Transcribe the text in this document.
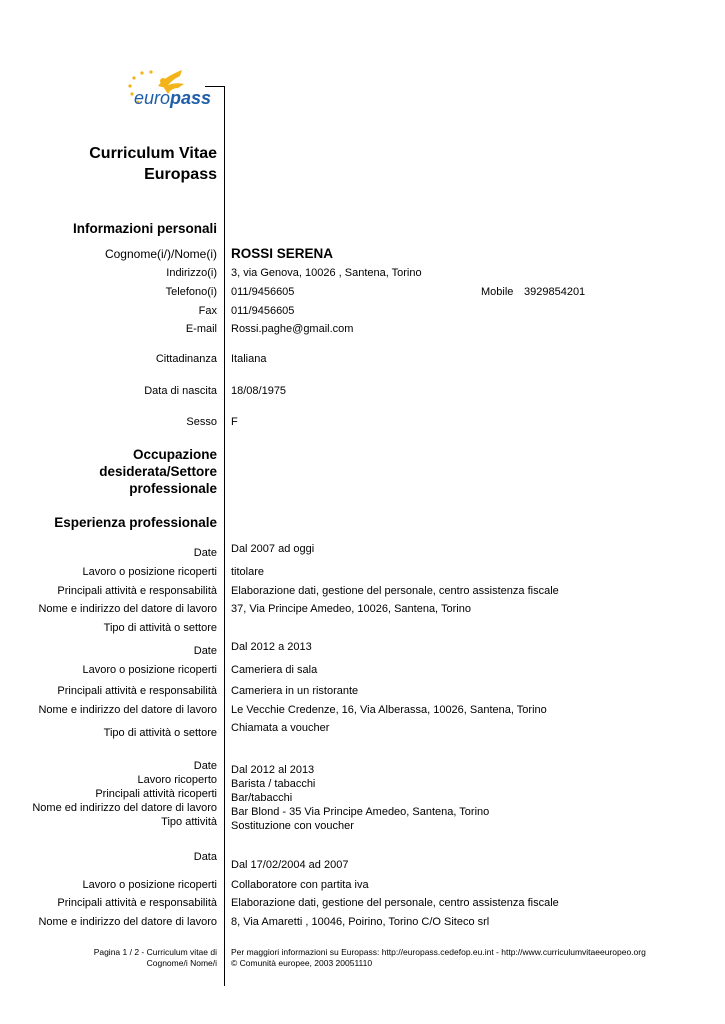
europass
Curriculum Vitae
Europass
Informazioni personali
Cognome(i/)/Nome(i) ROSSI SERENA
Indirizzo(i) 3, via Genova, 10026 , Santena, Torino
Telefono(i) 011/9456605	Mobile 3929854201
Fax 011/9456605
E-mail Rossi.paghe@gmail.com
Cittadinanza Italiana
Data di nascita 18/08/1975
Sesso F
Occupazione
desiderata/Settore
professionale
Esperienza professionale
Date Dal 2007 ad oggi
Lavoro o posizione ricoperti titolare
Principali attività e responsabilità Elaborazione dati, gestione del personale, centro assistenza fiscale
Nome e indirizzo del datore di lavoro 37, Via Principe Amedeo, 10026, Santena, Torino
Tipo di attività o settore
Date Dal 2012 a 2013
Lavoro o posizione ricoperti Cameriera di sala
Principali attività e responsabilità Cameriera in un ristorante
Nome e indirizzo del datore di lavoro Le Vecchie Credenze, 16, Via Alberassa, 10026, Santena, Torino
Tipo di attività o settore Chiamata a voucher
Date
Lavoro ricoperto
Principali attività ricoperti
Nome ed indirizzo del datore di lavoro
Tipo attività
Dal 2012 al 2013
Barista / tabacchi
Bar/tabacchi
Bar Blond - 35 Via Principe Amedeo, Santena, Torino
Sostituzione con voucher
Data
Dal 17/02/2004 ad 2007
Lavoro o posizione ricoperti Collaboratore con partita iva
Principali attività e responsabilità Elaborazione dati, gestione del personale, centro assistenza fiscale
Nome e indirizzo del datore di lavoro 8, Via Amaretti , 10046, Poirino, Torino C/O Siteco srl
Pagina 1 / 2 - Curriculum vitae di
Cognome/i Nome/i
Per maggiori informazioni su Europass: http://europass.cedefop.eu.int - http://www.curriculumvitaeeuropeo.org
© Comunità europee, 2003 20051110
